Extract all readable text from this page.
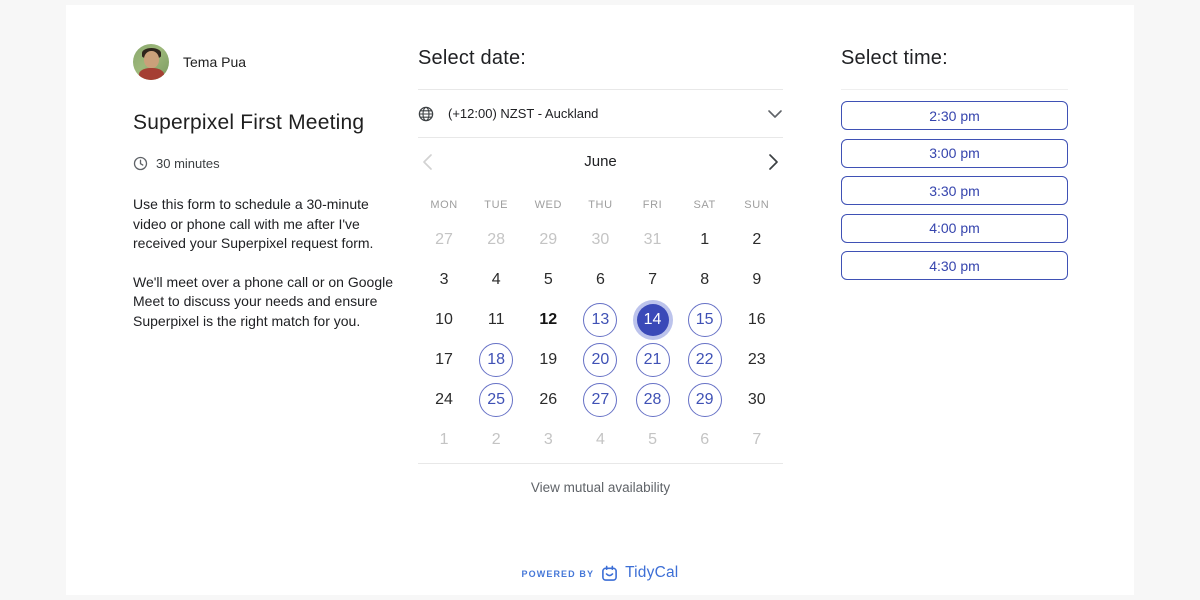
Tema Pua
Superpixel First Meeting
30 minutes

Use this form to schedule a 30-minute video or phone call with me after I've received your Superpixel request form.

We'll meet over a phone call or on Google Meet to discuss your needs and ensure Superpixel is the right match for you.

Select date:
(+12:00) NZST - Auckland
June
MON	TUE	WED	THU	FRI	SAT	SUN
27	28	29	30	31	1	2
3	4	5	6	7	8	9
10	11	12	13	14	15	16
17	18	19	20	21	22	23
24	25	26	27	28	29	30
1	2	3	4	5	6	7
View mutual availability
Select time:
2:30 pm
3:00 pm
3:30 pm
4:00 pm
4:30 pm
POWERED BY TidyCal
